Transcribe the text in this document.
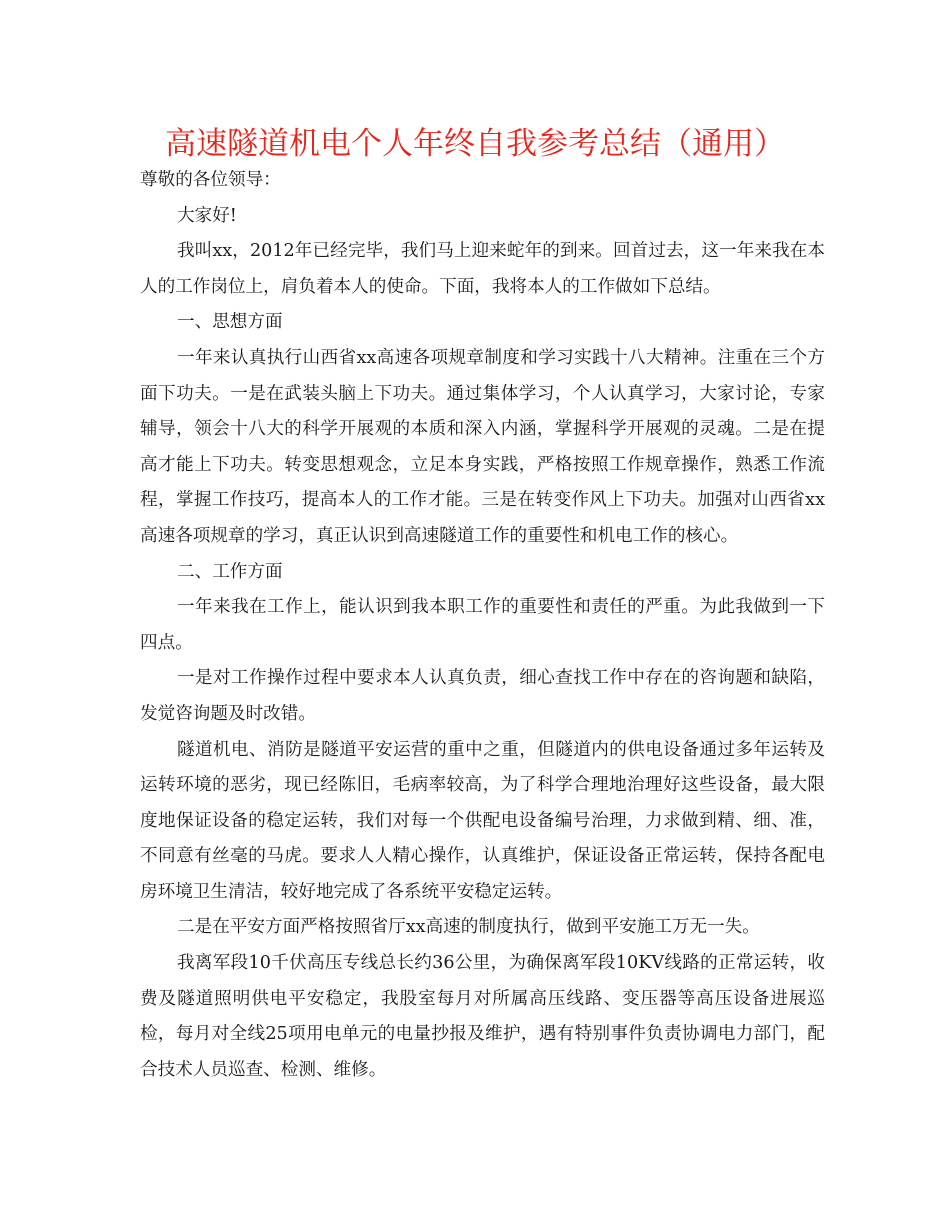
高速隧道机电个人年终自我参考总结（通用）

尊敬的各位领导：

大家好!

我叫xx，2012年已经完毕，我们马上迎来蛇年的到来。回首过去，这一年来我在本人的工作岗位上，肩负着本人的使命。下面，我将本人的工作做如下总结。

一、思想方面

一年来认真执行山西省xx高速各项规章制度和学习实践十八大精神。注重在三个方面下功夫。一是在武装头脑上下功夫。通过集体学习，个人认真学习，大家讨论，专家辅导，领会十八大的科学开展观的本质和深入内涵，掌握科学开展观的灵魂。二是在提高才能上下功夫。转变思想观念，立足本身实践，严格按照工作规章操作，熟悉工作流程，掌握工作技巧，提高本人的工作才能。三是在转变作风上下功夫。加强对山西省xx高速各项规章的学习，真正认识到高速隧道工作的重要性和机电工作的核心。

二、工作方面

一年来我在工作上，能认识到我本职工作的重要性和责任的严重。为此我做到一下四点。

一是对工作操作过程中要求本人认真负责，细心查找工作中存在的咨询题和缺陷，发觉咨询题及时改错。

隧道机电、消防是隧道平安运营的重中之重，但隧道内的供电设备通过多年运转及运转环境的恶劣，现已经陈旧，毛病率较高，为了科学合理地治理好这些设备，最大限度地保证设备的稳定运转，我们对每一个供配电设备编号治理，力求做到精、细、准，不同意有丝毫的马虎。要求人人精心操作，认真维护，保证设备正常运转，保持各配电房环境卫生清洁，较好地完成了各系统平安稳定运转。

二是在平安方面严格按照省厅xx高速的制度执行，做到平安施工万无一失。

我离军段10千伏高压专线总长约36公里，为确保离军段10KV线路的正常运转，收费及隧道照明供电平安稳定，我股室每月对所属高压线路、变压器等高压设备进展巡检，每月对全线25项用电单元的电量抄报及维护，遇有特别事件负责协调电力部门，配合技术人员巡查、检测、维修。
